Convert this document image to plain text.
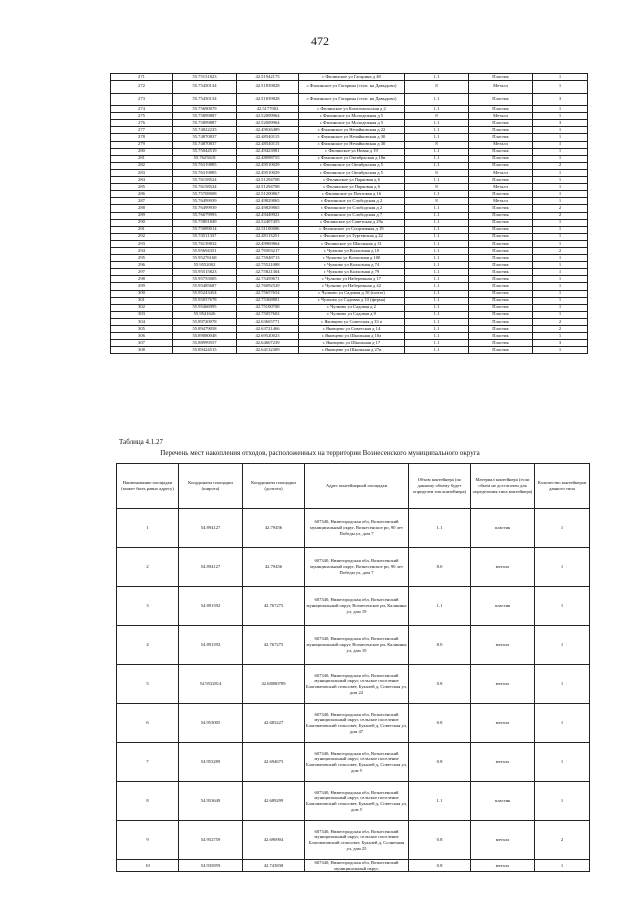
472
271	55.75151823	42.51942175	с Филинское ул Гагарина д 48	1.1	Пластик	1
272	55.75450134	42.51839828	с Филинское ул Гагарина (стоп. на Давыдово)	8	Металл	1
273	55.75450134	42.51839828	с Филинское ул Гагарина (стоп. на Давыдово)	1.1	Пластик	3
274	55.75690079	42.5177002	с Филинское ул Комсомольская д 2	1.1	Пластик	1
275	55.75899887	42.52009964	с Филинское ул Молодежная д 5	8	Металл	1
276	55.75899887	42.52009964	с Филинское ул Молодежная д 5	1.1	Пластик	3
277	55.74822235	42.49026489	с Филинское ул Нечайковская д 22	1.1	Пластик	1
278	55.74870837	42.48540115	с Филинское ул Нечайковская д 30	1.1	Пластик	1
279	55.74870837	42.48540115	с Филинское ул Нечайковская д 30	8	Металл	1
280	55.75044519	42.49423981	с Филинское ул Новая д 19	1.1	Пластик	1
281	55.7625618	42.48098755	с Филинское ул Октябрьская д 18в	1.1	Пластик	1
282	55.76319885	42.49510029	с Филинское ул Октябрьская д 5	1.1	Пластик	2
283	55.76319885	42.49510029	с Филинское ул Октябрьская д 5	8	Металл	1
284	55.76158524	42.51294708	с Филинское ул Парковая д 6	1.1	Пластик	1
285	55.76158524	42.51294708	с Филинское ул Парковая д 6	8	Металл	1
286	55.75708008	42.51200867	с Филинское ул Почтовая д 16	1.1	Пластик	1
287	55.76499939	42.49829865	с Филинское ул Слободская д 2	8	Металл	1
288	55.76499939	42.49829865	с Филинское ул Слободская д 2	1.1	Пластик	2
289	55.76679993	42.49449921	с Филинское ул Слободская д 7	1.1	Пластик	2
290	55.75801849	42.52407455	с Филинское ул Советская д 29а	1.1	Пластик	1
291	55.75089014	42.51100006	с Филинское ул Спортивная д 19	1.1	Пластик	1
292	55.74511337	42.48113251	с Филинское ул Тургенская д 22	1.1	Пластик	1
293	55.76139832	42.49969864	с Филинское ул Школьная д 31	1.1	Пластик	1
294	55.95694351	42.76503217	с Чулково ул Колхозная д 10	1.1	Пластик	2
295	55.95276168	42.75048713	с Чулково ул Колхозная д 100	1.1	Пластик	1
296	55.9552002	42.75521088	с Чулково ул Колхозная д 74	1.1	Пластик	1
297	55.95515823	42.75821304	с Чулково ул Колхозная д 79	1.1	Пластик	1
298	55.95755005	42.75459671	с Чулково ул Набережная д 17	1.1	Пластик	1
299	55.95485687	42.76092529	с Чулково ул Набережная д 42	1.1	Пластик	1
300	55.95243454	42.75657654	с Чулково ул Садовая д 10 (почта)	1.1	Пластик	1
301	55.95057678	42.75368881	с Чулково ул Садовая д 10 (ферма)	1.1	Пластик	1
302	55.95466995	42.75100708	с Чулково ул Садовая д 2	1.1	Пластик	1
303	55.9541626	42.75057602	с Чулково ул Садовая д 9	1.1	Пластик	1
304	55.89720078	42.63665771	с Яковцево ул Советская д 33 а	1.1	Пластик	2
305	55.89479058	42.63721466	с Яковцево ул Советская д 14	1.1	Пластик	2
306	55.89080048	42.69520023	с Яковцево ул Школьная д 10а	1.1	Пластик	1
307	55.88999557	42.64607239	с Яковцево ул Школьная д 17	1.1	Пластик	3
308	55.89424515	42.64132309	с Яковцево ул Школьная д 27в	1.1	Пластик	1
Таблица 4.1.27
Перечень мест накопления отходов, расположенных на территории Вознесенского муниципального округа
Наименование площадки (может быть равно адресу)	Координаты площадки (широта)	Координаты площадки (долгота)	Адрес контейнерной площадки	Объем контейнера (по данному объему будет определен тип контейнера)	Материал контейнера (если объем не достаточен для определения типа контейнера)	Количество контейнеров данного типа
1	54.894127	42.79456	607340, Нижегородская обл, Вознесенский муниципальный округ, Вознесенское рп, 90 лет Победы ул, дом 7	1.1	пластик	1
2	54.894127	42.79456	607340, Нижегородская обл, Вознесенский муниципальный округ, Вознесенское рп, 90 лет Победы ул, дом 7	8.0	металл	1
3	54.891592	42.767275	607340, Нижегородская обл, Вознесенский муниципальный округ, Вознесенское рп, Калинина ул, дом 19	1.1	пластик	1
4	54.891592	42.767275	607340, Нижегородская обл, Вознесенский муниципальный округ, Вознесенское рп, Калинина ул, дом 19	8.0	металл	1
5	54.9532814	42.68080789	607340, Нижегородская обл, Вознесенский муниципальный округ, сельское поселение Благоватовский сельсовет, Букалей д, Советская ул, дом 22	0.8	металл	1
6	54.953005	42.683227	607340, Нижегородская обл, Вознесенский муниципальный округ, сельское поселение Благоватовский сельсовет, Букалей д, Советская ул, дом 47	0.8	металл	1
7	54.953289	42.694675	607340, Нижегородская обл, Вознесенский муниципальный округ, сельское поселение Благоватовский сельсовет, Букалей д, Советская ул, дом 5	0.8	металл	1
8	54.953649	42.689299	607340, Нижегородская обл, Вознесенский муниципальный округ, сельское поселение Благоватовский сельсовет, Букалей д, Советская ул, дом 5	1.1	пластик	1
9	54.952759	42.696904	607340, Нижегородская обл, Вознесенский муниципальный округ, сельское поселение Благоватовский сельсовет, Букалей д, Солнечная ул, дом 25	0.8	металл	2
10	54.935859	42.743838	607340, Нижегородская обл, Вознесенский муниципальный округ,	0.8	металл	1
